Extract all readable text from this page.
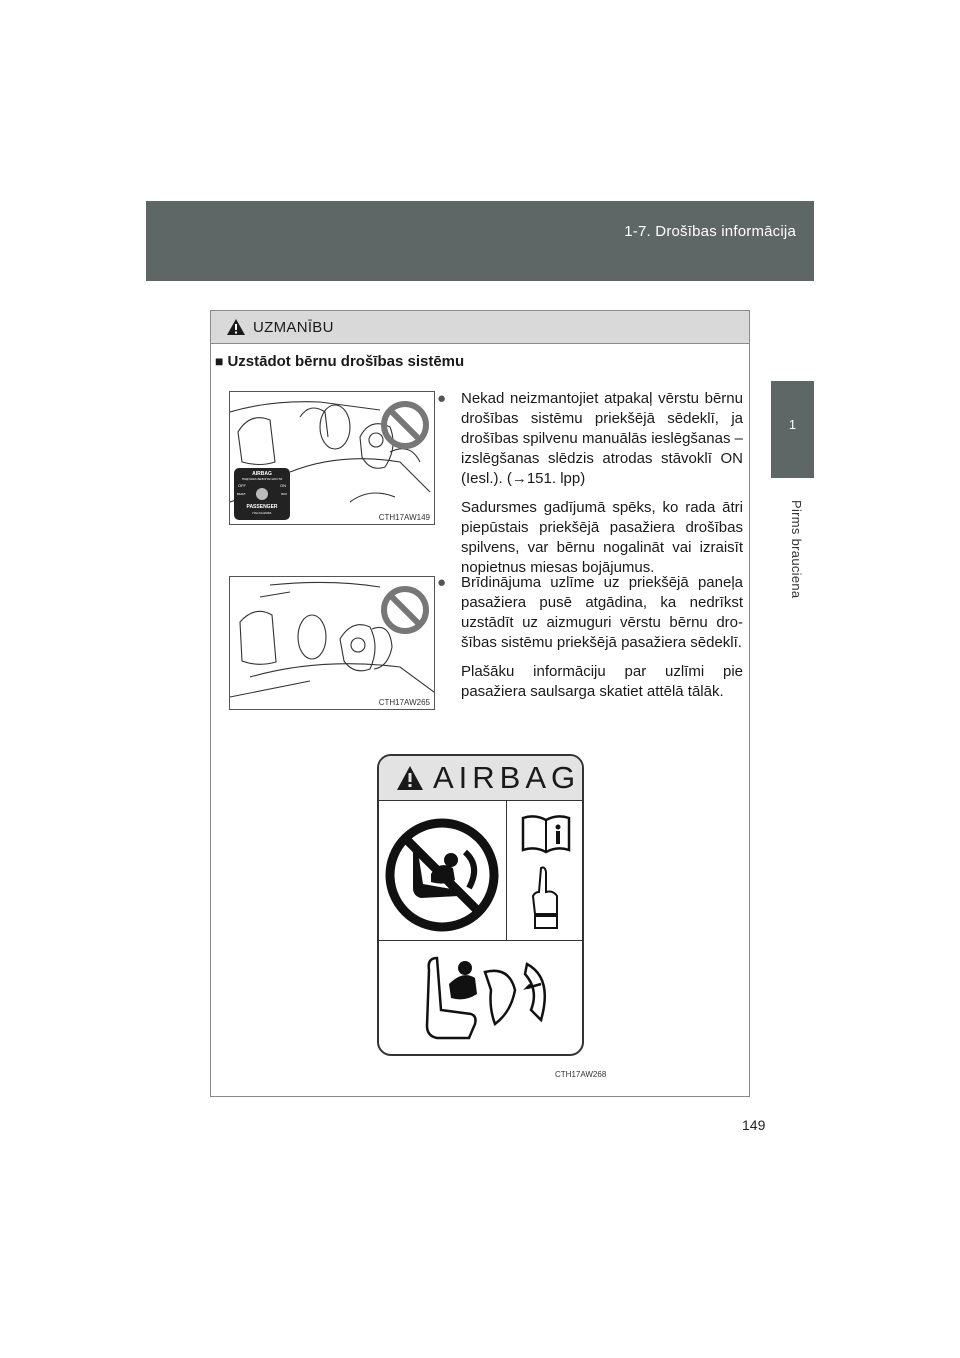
1-7. Drošības informācija
1
Pirms brauciena
UZMANĪBU
■ Uzstādot bērnu drošības sistēmu
AIRBAG
ПОДУШКА БЕЗОПАСНОСТИ
OFF	ON
ВЫКЛ	ВКЛ
PASSENGER
ПАССАЖИРА	CTH17AW149
CTH17AW265
● Nekad neizmantojiet atpakaļ vērstu bērnu drošības sistēmu priekšējā sēdeklī, ja drošības spilvenu manuālās ieslēgšanas – izslēgšanas slēdzis atrodas stāvoklī ON (Iesl.). (→151. lpp)

Sadursmes gadījumā spēks, ko rada ātri piepūstais priekšējā pasažiera drošības spilvens, var bērnu nogalināt vai izraisīt nopietnus miesas bojājumus.

● Brīdinājuma uzlīme uz priekšējā paneļa pasažiera pusē atgādina, ka nedrīkst uzstādīt uz aizmuguri vērstu bērnu drošības sistēmu priekšējā pasažiera sēdeklī.

Plašāku informāciju par uzlīmi pie pasažiera saulsarga skatiet attēlā tālāk.

AIRBAG
CTH17AW268
149
